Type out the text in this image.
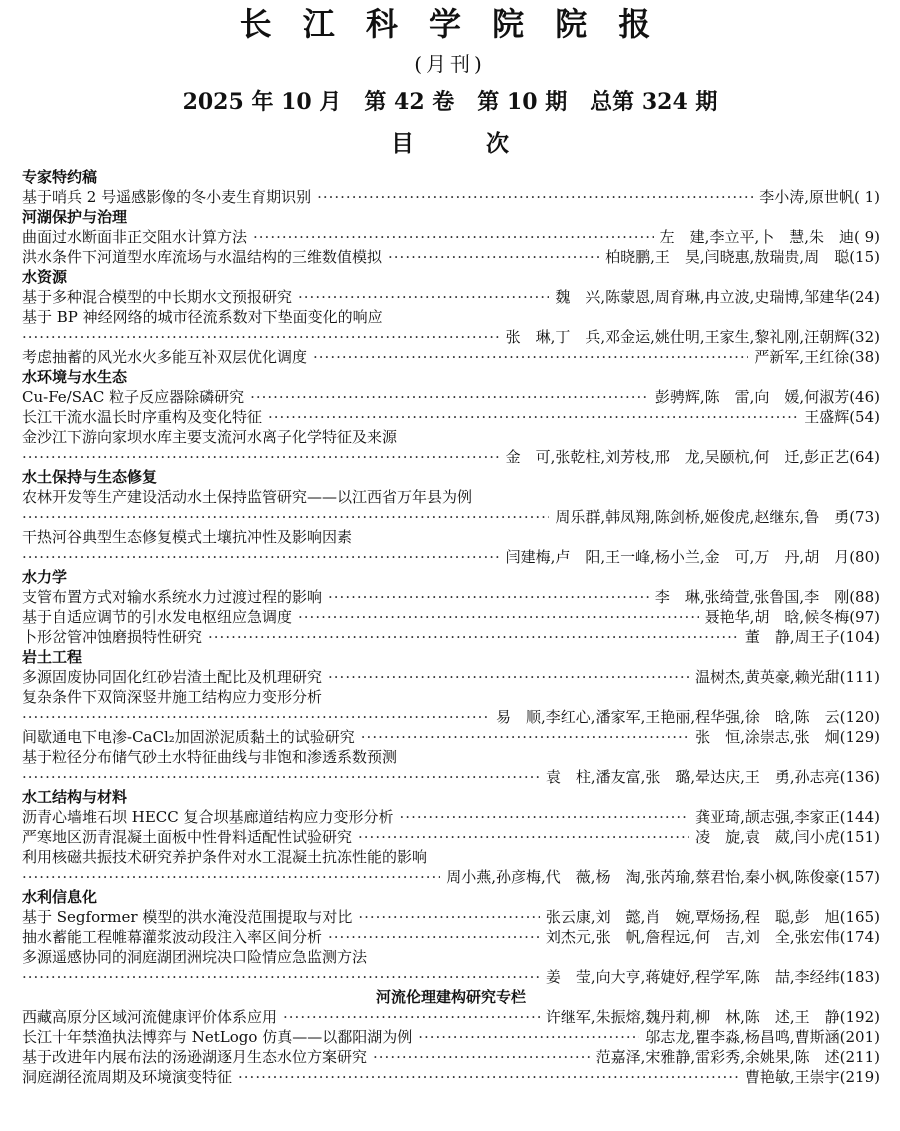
长 江 科 学 院 院 报
(月刊)
2025 年 10 月   第 42 卷   第 10 期   总第 324 期
目         次
专家特约稿
基于哨兵 2 号遥感影像的冬小麦生育期识别 ·····	李小涛,原世帆 ( 1)
河湖保护与治理
曲面过水断面非正交阻水计算方法 ·····	左　建,李立平,卜　慧,朱　迪 ( 9)
洪水条件下河道型水库流场与水温结构的三维数值模拟 ·····	柏晓鹏,王　昊,闫晓惠,敖瑞贵,周　聪 (15)
水资源
基于多种混合模型的中长期水文预报研究 ·····	魏　兴,陈蒙恩,周育琳,冉立波,史瑞博,邹建华 (24)
基于 BP 神经网络的城市径流系数对下垫面变化的响应
·····
张　琳,丁　兵,邓金运,姚仕明,王家生,黎礼刚,汪朝辉 (32)
考虑抽蓄的风光水火多能互补双层优化调度 ·····	严新军,王红徐 (38)
水环境与水生态
Cu-Fe/SAC 粒子反应器除磷研究 ·····	彭骋辉,陈　雷,向　媛,何淑芳 (46)
长江干流水温长时序重构及变化特征 ·····	王盛辉 (54)
金沙江下游向家坝水库主要支流河水离子化学特征及来源
·····
金　可,张乾柱,刘芳枝,邢　龙,吴颐杭,何　迁,彭正艺 (64)
水土保持与生态修复
农林开发等生产建设活动水土保持监管研究——以江西省万年县为例
·····
周乐群,韩凤翔,陈剑桥,姬俊虎,赵继东,鲁　勇 (73)
干热河谷典型生态修复模式土壤抗冲性及影响因素
·····
闫建梅,卢　阳,王一峰,杨小兰,金　可,万　丹,胡　月 (80)
水力学
支管布置方式对输水系统水力过渡过程的影响 ·····	李　琳,张绮萱,张鲁国,李　刚 (88)
基于自适应调节的引水发电枢纽应急调度 ·····	聂艳华,胡　晗,候冬梅 (97)
卜形岔管冲蚀磨损特性研究 ·····	董　静,周王子 (104)
岩土工程
多源固废协同固化红砂岩渣土配比及机理研究 ·····	温树杰,黄英豪,赖光甜 (111)
复杂条件下双筒深竖井施工结构应力变形分析
·····
易　顺,李红心,潘家军,王艳丽,程华强,徐　晗,陈　云 (120)
间歇通电下电渗-CaCl₂加固淤泥质黏土的试验研究 ·····	张　恒,涂崇志,张　炯 (129)
基于粒径分布储气砂土水特征曲线与非饱和渗透系数预测
·····
袁　柱,潘友富,张　璐,晕达庆,王　勇,孙志亮 (136)
水工结构与材料
沥青心墙堆石坝 HECC 复合坝基廊道结构应力变形分析 ·····	龚亚琦,颉志强,李家正 (144)
严寒地区沥青混凝土面板中性骨料适配性试验研究 ·····	凌　旋,袁　葳,闫小虎 (151)
利用核磁共振技术研究养护条件对水工混凝土抗冻性能的影响
·····
周小燕,孙彦梅,代　薇,杨　淘,张芮瑜,蔡君怡,秦小枫,陈俊豪 (157)
水利信息化
基于 Segformer 模型的洪水淹没范围提取与对比 ·····	张云康,刘　懿,肖　婉,覃炀扬,程　聪,彭　旭 (165)
抽水蓄能工程帷幕灌浆波动段注入率区间分析 ·····	刘杰元,张　帆,詹程远,何　吉,刘　全,张宏伟 (174)
多源遥感协同的洞庭湖团洲垸决口险情应急监测方法
·····
姜　莹,向大亨,蒋婕妤,程学军,陈　喆,李经纬 (183)
河流伦理建构研究专栏
西藏高原分区域河流健康评价体系应用 ·····	许继军,朱振熔,魏丹莉,柳　林,陈　述,王　静 (192)
长江十年禁渔执法博弈与 NetLogo 仿真——以鄱阳湖为例 ·····	邬志龙,瞿李淼,杨昌鸣,曹斯涵 (201)
基于改进年内展布法的汤逊湖逐月生态水位方案研究 ·····	范嘉泽,宋雅静,雷彩秀,余姚果,陈　述 (211)
洞庭湖径流周期及环境演变特征 ·····	曹艳敏,王崇宇 (219)
